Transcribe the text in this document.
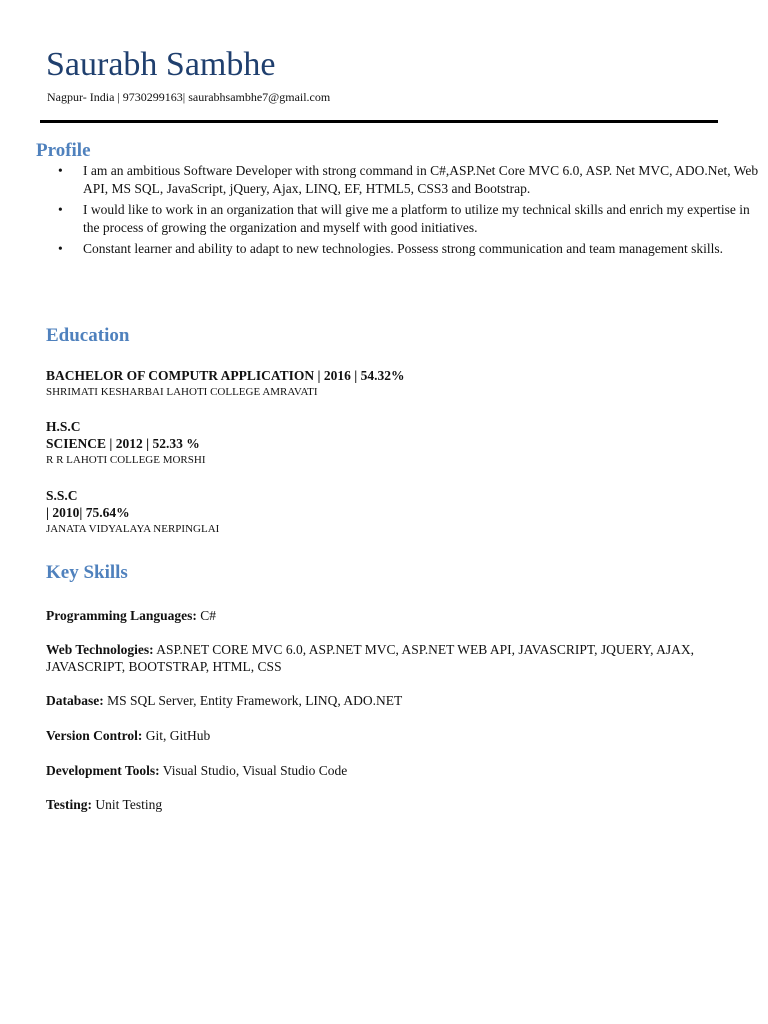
Saurabh Sambhe
Nagpur- India | 9730299163| saurabhsambhe7@gmail.com
Profile
• I am an ambitious Software Developer with strong command in C#,ASP.Net Core MVC 6.0, ASP. Net MVC, ADO.Net, Web API, MS SQL, JavaScript, jQuery, Ajax, LINQ, EF, HTML5, CSS3 and Bootstrap.
• I would like to work in an organization that will give me a platform to utilize my technical skills and enrich my expertise in the process of growing the organization and myself with good initiatives.
• Constant learner and ability to adapt to new technologies. Possess strong communication and team management skills.
Education
BACHELOR OF COMPUTR APPLICATION | 2016 | 54.32%
SHRIMATI KESHARBAI LAHOTI COLLEGE AMRAVATI
H.S.C
SCIENCE | 2012 | 52.33 %
R R LAHOTI COLLEGE MORSHI
S.S.C
| 2010| 75.64%
JANATA VIDYALAYA NERPINGLAI
Key Skills
Programming Languages: C#
Web Technologies: ASP.NET CORE MVC 6.0, ASP.NET MVC, ASP.NET WEB API, JAVASCRIPT, JQUERY, AJAX, JAVASCRIPT, BOOTSTRAP, HTML, CSS
Database: MS SQL Server, Entity Framework, LINQ, ADO.NET
Version Control: Git, GitHub
Development Tools: Visual Studio, Visual Studio Code
Testing: Unit Testing
